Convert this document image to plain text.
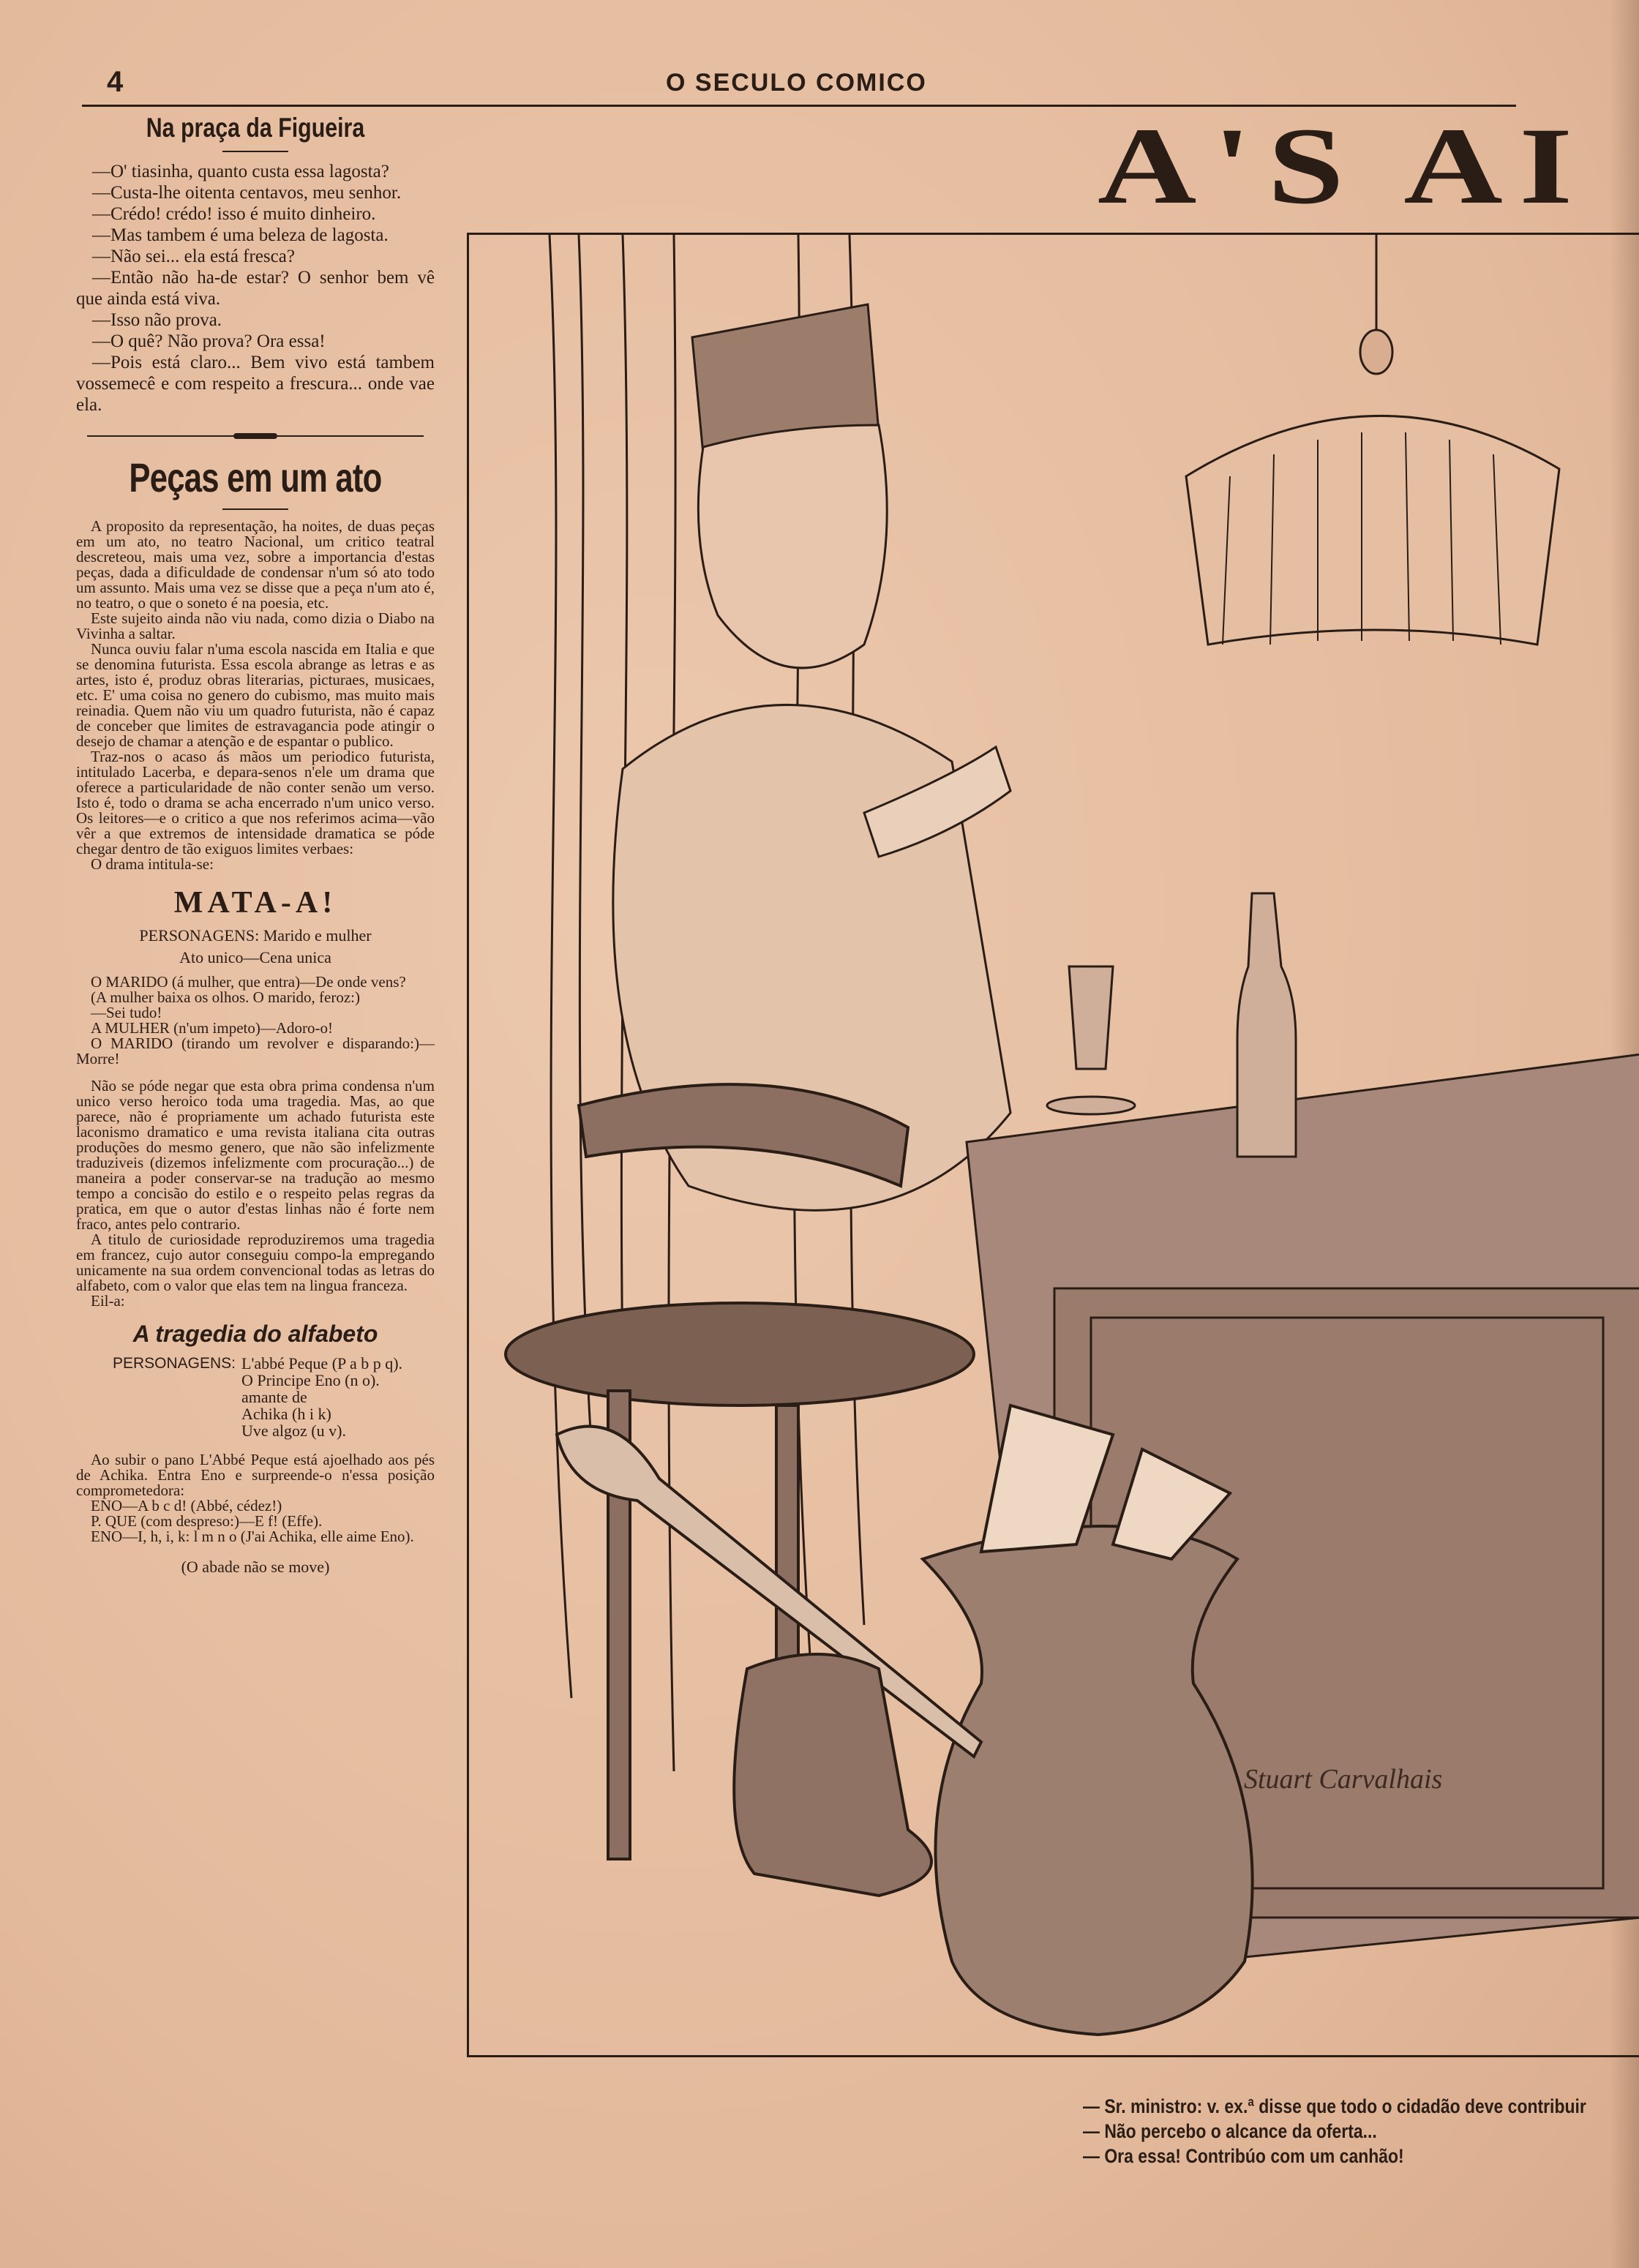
4	O SECULO COMICO
Na praça da Figueira

—O' tiasinha, quanto custa essa lagosta?

—Custa-lhe oitenta centavos, meu senhor.

—Crédo! crédo! isso é muito dinheiro.

—Mas tambem é uma beleza de lagosta.

—Não sei... ela está fresca?

—Então não ha-de estar? O senhor bem vê que ainda está viva.

—Isso não prova.

—O quê? Não prova? Ora essa!

—Pois está claro... Bem vivo está tambem vossemecê e com respeito a frescura... onde vae ela.

Peças em um ato

A proposito da representação, ha noites, de duas peças em um ato, no teatro Nacional, um critico teatral descreteou, mais uma vez, sobre a importancia d'estas peças, dada a dificuldade de condensar n'um só ato todo um assunto. Mais uma vez se disse que a peça n'um ato é, no teatro, o que o soneto é na poesia, etc.

Este sujeito ainda não viu nada, como dizia o Diabo na Vivinha a saltar.

Nunca ouviu falar n'uma escola nascida em Italia e que se denomina futurista. Essa escola abrange as letras e as artes, isto é, produz obras literarias, picturaes, musicaes, etc. E' uma coisa no genero do cubismo, mas muito mais reinadia. Quem não viu um quadro futurista, não é capaz de conceber que limites de estravagancia pode atingir o desejo de chamar a atenção e de espantar o publico.

Traz-nos o acaso ás mãos um periodico futurista, intitulado Lacerba, e depara-senos n'ele um drama que oferece a particularidade de não conter senão um verso. Isto é, todo o drama se acha encerrado n'um unico verso. Os leitores—e o critico a que nos referimos acima—vão vêr a que extremos de intensidade dramatica se póde chegar dentro de tão exiguos limites verbaes:

O drama intitula-se:

MATA-A!

PERSONAGENS: Marido e mulher

Ato unico—Cena unica

O MARIDO (á mulher, que entra)—De onde vens?

(A mulher baixa os olhos. O marido, feroz:)

—Sei tudo!

A MULHER (n'um impeto)—Adoro-o!

O MARIDO (tirando um revolver e disparando:)—Morre!

Não se póde negar que esta obra prima condensa n'um unico verso heroico toda uma tragedia. Mas, ao que parece, não é propriamente um achado futurista este laconismo dramatico e uma revista italiana cita outras produções do mesmo genero, que não são infelizmente traduziveis (dizemos infelizmente com procuração...) de maneira a poder conservar-se na tradução ao mesmo tempo a concisão do estilo e o respeito pelas regras da pratica, em que o autor d'estas linhas não é forte nem fraco, antes pelo contrario.

A titulo de curiosidade reproduziremos uma tragedia em francez, cujo autor conseguiu compo-la empregando unicamente na sua ordem convencional todas as letras do alfabeto, com o valor que elas tem na lingua franceza.

Eil-a:

A tragedia do alfabeto
PERSONAGENS: L'abbé Peque (P a b p q).
O Principe Eno (n o).
amante de
Achika (h i k)
Uve algoz (u v).

Ao subir o pano L'Abbé Peque está ajoelhado aos pés de Achika. Entra Eno e surpreende-o n'essa posição comprometedora:

ENO—A b c d! (Abbé, cédez!)

P. QUE (com despreso:)—E f! (Effe).

ENO—I, h, i, k: l m n o (J'ai Achika, elle aime Eno).

(O abade não se move)
A'S AI
Stuart Carvalhais
— Sr. ministro: v. ex.ª disse que todo o cidadão deve contribuir
— Não percebo o alcance da oferta...
— Ora essa! Contribúo com um canhão!
